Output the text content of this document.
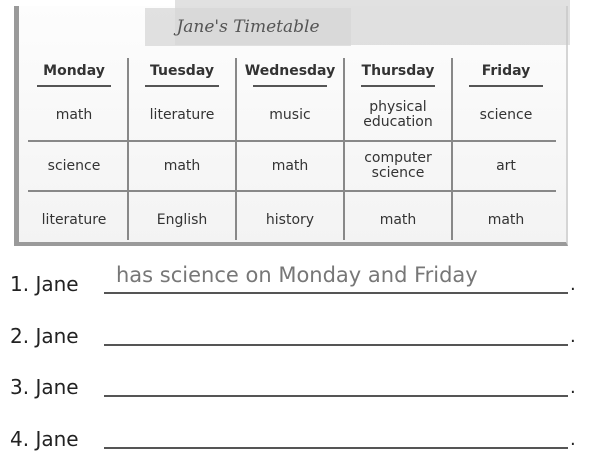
Jane's Timetable
Monday	Tuesday	Wednesday	Thursday	Friday
math	literature	music	physical education	science
science	math	math	computer science	art
literature	English	history	math	math
1. Jane has science on Monday and Friday	.
2. Jane	.
3. Jane	.
4. Jane	.
